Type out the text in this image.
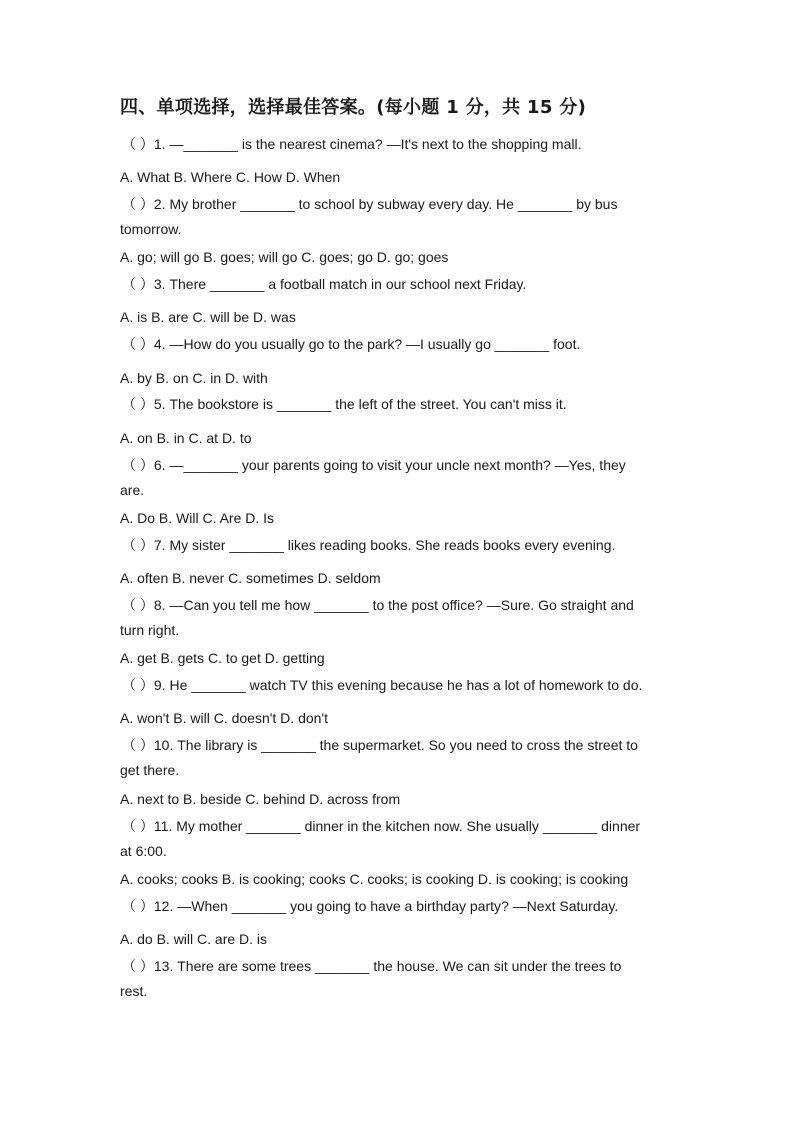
四、单项选择，选择最佳答案。(每小题 1 分，共 15 分)
（ ）1. —_______ is the nearest cinema? —It's next to the shopping mall.
A. What B. Where C. How D. When
（ ）2. My brother _______ to school by subway every day. He _______ by bus
tomorrow.
A. go; will go B. goes; will go C. goes; go D. go; goes
（ ）3. There _______ a football match in our school next Friday.
A. is B. are C. will be D. was
（ ）4. —How do you usually go to the park? —I usually go _______ foot.
A. by B. on C. in D. with
（ ）5. The bookstore is _______ the left of the street. You can't miss it.
A. on B. in C. at D. to
（ ）6. —_______ your parents going to visit your uncle next month? —Yes, they
are.
A. Do B. Will C. Are D. Is
（ ）7. My sister _______ likes reading books. She reads books every evening.
A. often B. never C. sometimes D. seldom
（ ）8. —Can you tell me how _______ to the post office? —Sure. Go straight and
turn right.
A. get B. gets C. to get D. getting
（ ）9. He _______ watch TV this evening because he has a lot of homework to do.
A. won't B. will C. doesn't D. don't
（ ）10. The library is _______ the supermarket. So you need to cross the street to
get there.
A. next to B. beside C. behind D. across from
（ ）11. My mother _______ dinner in the kitchen now. She usually _______ dinner
at 6:00.
A. cooks; cooks B. is cooking; cooks C. cooks; is cooking D. is cooking; is cooking
（ ）12. —When _______ you going to have a birthday party? —Next Saturday.
A. do B. will C. are D. is
（ ）13. There are some trees _______ the house. We can sit under the trees to
rest.
